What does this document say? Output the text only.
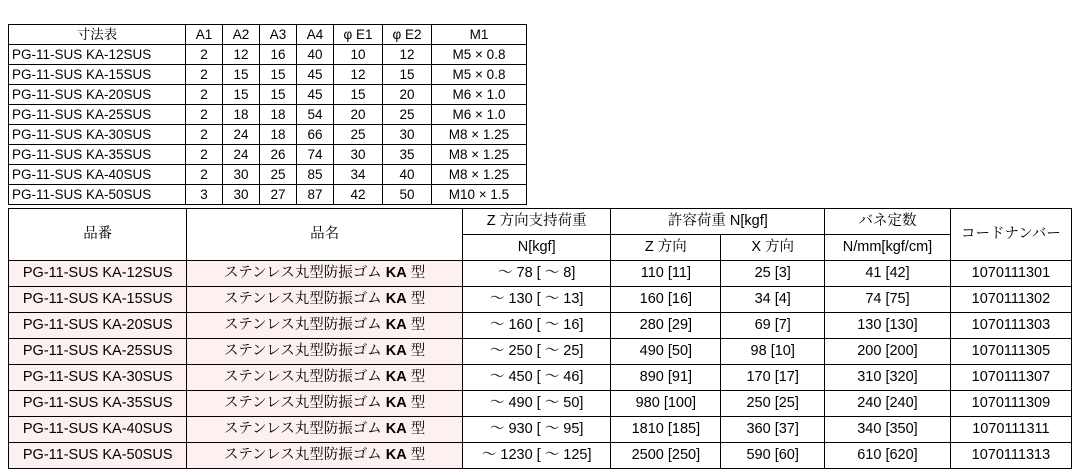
寸法表	A1	A2	A3	A4	φ E1	φ E2	M1
PG-11-SUS KA-12SUS	2	12	16	40	10	12	M5 × 0.8
PG-11-SUS KA-15SUS	2	15	15	45	12	15	M5 × 0.8
PG-11-SUS KA-20SUS	2	15	15	45	15	20	M6 × 1.0
PG-11-SUS KA-25SUS	2	18	18	54	20	25	M6 × 1.0
PG-11-SUS KA-30SUS	2	24	18	66	25	30	M8 × 1.25
PG-11-SUS KA-35SUS	2	24	26	74	30	35	M8 × 1.25
PG-11-SUS KA-40SUS	2	30	25	85	34	40	M8 × 1.25
PG-11-SUS KA-50SUS	3	30	27	87	42	50	M10 × 1.5
品番	品名	Z 方向支持荷重	許容荷重 N[kgf]		バネ定数	コードナンバー
		N[kgf]	Z 方向	X 方向	N/mm[kgf/cm]	
PG-11-SUS KA-12SUS	ステンレス丸型防振ゴム KA 型	〜 78 [ 〜 8]	110 [11]	25 [3]	41 [42]	1070111301
PG-11-SUS KA-15SUS	ステンレス丸型防振ゴム KA 型	〜 130 [ 〜 13]	160 [16]	34 [4]	74 [75]	1070111302
PG-11-SUS KA-20SUS	ステンレス丸型防振ゴム KA 型	〜 160 [ 〜 16]	280 [29]	69 [7]	130 [130]	1070111303
PG-11-SUS KA-25SUS	ステンレス丸型防振ゴム KA 型	〜 250 [ 〜 25]	490 [50]	98 [10]	200 [200]	1070111305
PG-11-SUS KA-30SUS	ステンレス丸型防振ゴム KA 型	〜 450 [ 〜 46]	890 [91]	170 [17]	310 [320]	1070111307
PG-11-SUS KA-35SUS	ステンレス丸型防振ゴム KA 型	〜 490 [ 〜 50]	980 [100]	250 [25]	240 [240]	1070111309
PG-11-SUS KA-40SUS	ステンレス丸型防振ゴム KA 型	〜 930 [ 〜 95]	1810 [185]	360 [37]	340 [350]	1070111311
PG-11-SUS KA-50SUS	ステンレス丸型防振ゴム KA 型	〜 1230 [ 〜 125]	2500 [250]	590 [60]	610 [620]	1070111313
